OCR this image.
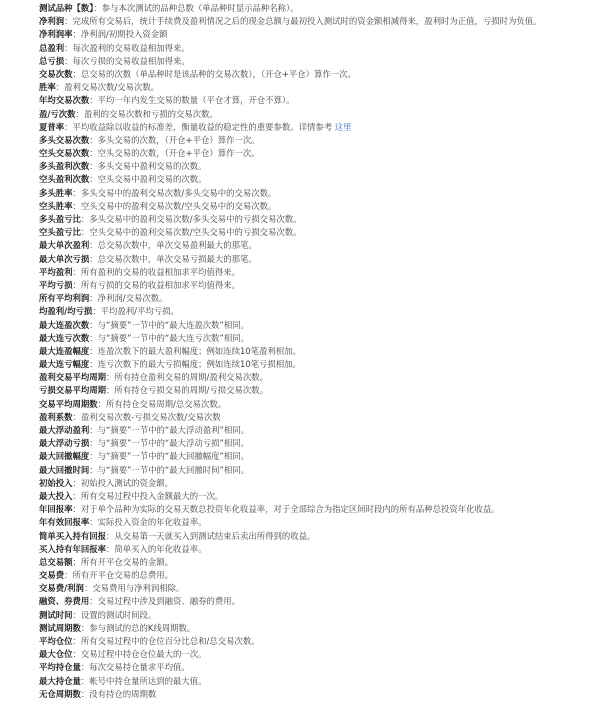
测试品种【数】：参与本次测试的品种总数（单品种时显示品种名称）。
净利润：完成所有交易后，统计手续费及盈利情况之后的现金总额与最初投入测试时的资金额相减得来，盈利时为正值，亏损时为负值。
净利润率：净利润/初期投入资金额
总盈利：每次盈利的交易收益相加得来。
总亏损：每次亏损的交易收益相加得来。
交易次数：总交易的次数（单品种时是该品种的交易次数），（开仓+平仓）算作一次。
胜率：盈利交易次数/交易次数。
年均交易次数：平均一年内发生交易的数量（平仓才算，开仓不算）。
盈/亏次数：盈利的交易次数和亏损的交易次数。
夏普率：平均收益除以收益的标准差，衡量收益的稳定性的重要参数。详情参考 这里
多头交易次数：多头交易的次数，（开仓+平仓）算作一次。
空头交易次数：空头交易的次数，（开仓+平仓）算作一次。
多头盈利次数：多头交易中盈利交易的次数。
空头盈利次数：空头交易中盈利交易的次数。
多头胜率：多头交易中的盈利交易次数/多头交易中的交易次数。
空头胜率：空头交易中的盈利交易次数/空头交易中的交易次数。
多头盈亏比：多头交易中的盈利交易次数/多头交易中的亏损交易次数。
空头盈亏比：空头交易中的盈利交易次数/空头交易中的亏损交易次数。
最大单次盈利：总交易次数中，单次交易盈利最大的那笔。
最大单次亏损：总交易次数中，单次交易亏损最大的那笔。
平均盈利：所有盈利的交易的收益相加求平均值得来。
平均亏损：所有亏损的交易的收益相加求平均值得来。
所有平均利润：净利润/交易次数。
均盈利/均亏损：平均盈利/平均亏损。
最大连盈次数：与“摘要”一节中的“最大连盈次数”相同。
最大连亏次数：与“摘要”一节中的“最大连亏次数”相同。
最大连盈幅度：连盈次数下的最大盈利幅度；例如连续10笔盈利相加。
最大连亏幅度：连亏次数下的最大亏损幅度；例如连续10笔亏损相加。
盈利交易平均周期：所有持仓盈利交易的周期/盈利交易次数。
亏损交易平均周期：所有持仓亏损交易的周期/亏损交易次数。
交易平均周期数：所有持仓交易周期/总交易次数。
盈利系数：盈利交易次数-亏损交易次数/交易次数
最大浮动盈利：与“摘要”一节中的“最大浮动盈利”相同。
最大浮动亏损：与“摘要”一节中的“最大浮动亏损”相同。
最大回撤幅度：与“摘要”一节中的“最大回撤幅度”相同。
最大回撤时间：与“摘要”一节中的“最大回撤时间”相同。
初始投入：初始投入测试的资金额。
最大投入：所有交易过程中投入金额最大的一次。
年回报率：对于单个品种为实际的交易天数总投资年化收益率，对于全部综合为指定区间时段内的所有品种总投资年化收益。
年有效回报率：实际投入资金的年化收益率。
简单买入持有回报：从交易第一天就买入到测试结束后卖出所得到的收益。
买入持有年回报率：简单买入的年化收益率。
总交易额：所有开平仓交易的金额。
交易费：所有开平仓交易的总费用。
交易费/利润：交易费用与净利润相除。
融资、券费用：交易过程中涉及到融资、融券的费用。
测试时间：设置的测试时间段。
测试周期数：参与测试的总的K线周期数。
平均仓位：所有交易过程中的仓位百分比总和/总交易次数。
最大仓位：交易过程中持仓仓位最大的一次。
平均持仓量：每次交易持仓量求平均值。
最大持仓量：帐号中持仓量所达到的最大值。
无仓周期数：没有持仓的周期数
